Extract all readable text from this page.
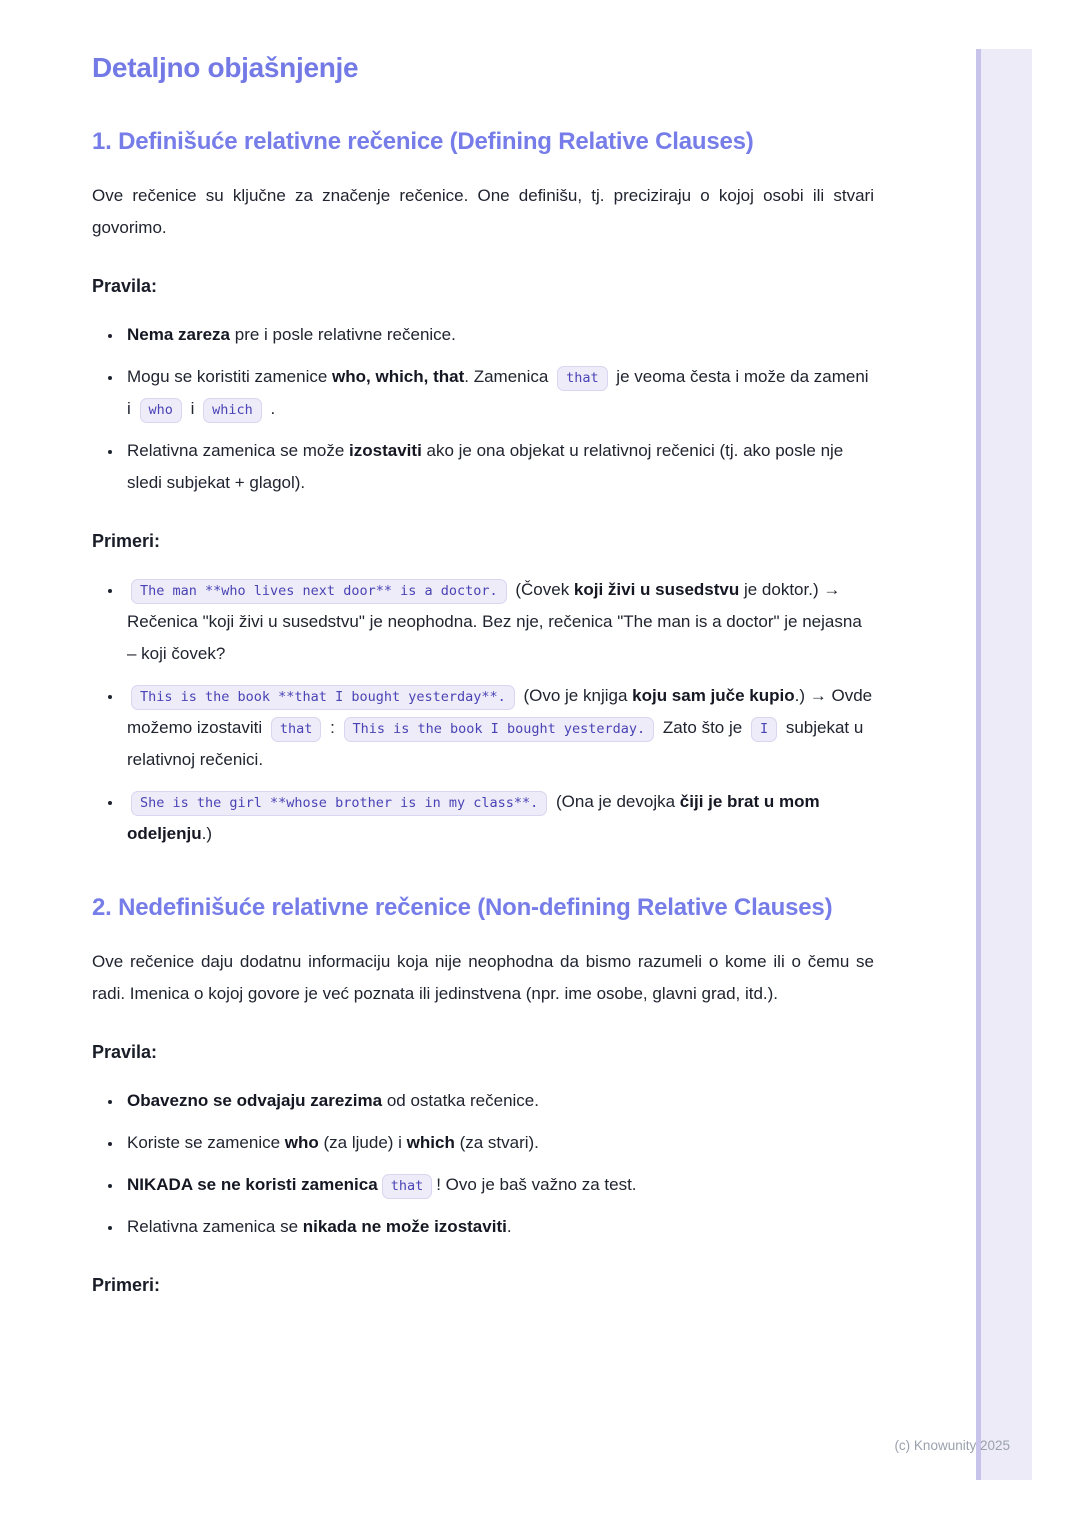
Detaljno objašnjenje
1. Definišuće relativne rečenice (Defining Relative Clauses)

Ove rečenice su ključne za značenje rečenice. One definišu, tj. preciziraju o kojoj osobi ili stvari govorimo.

Pravila:

• Nema zareza pre i posle relativne rečenice.
• Mogu se koristiti zamenice who, which, that. Zamenica that je veoma česta i može da zameni i who i which .
• Relativna zamenica se može izostaviti ako je ona objekat u relativnoj rečenici (tj. ako posle nje sledi subjekat + glagol).

Primeri:

• The man **who lives next door** is a doctor. (Čovek koji živi u susedstvu je doktor.) → Rečenica "koji živi u susedstvu" je neophodna. Bez nje, rečenica "The man is a doctor" je nejasna – koji čovek?
• This is the book **that I bought yesterday**. (Ovo je knjiga koju sam juče kupio.) → Ovde možemo izostaviti that : This is the book I bought yesterday. Zato što je I subjekat u relativnoj rečenici.
• She is the girl **whose brother is in my class**. (Ona je devojka čiji je brat u mom odeljenju.)
2. Nedefinišuće relativne rečenice (Non-defining Relative Clauses)

Ove rečenice daju dodatnu informaciju koja nije neophodna da bismo razumeli o kome ili o čemu se radi. Imenica o kojoj govore je već poznata ili jedinstvena (npr. ime osobe, glavni grad, itd.).

Pravila:

• Obavezno se odvajaju zarezima od ostatka rečenice.
• Koriste se zamenice who (za ljude) i which (za stvari).
• NIKADA se ne koristi zamenica that ! Ovo je baš važno za test.
• Relativna zamenica se nikada ne može izostaviti.

Primeri:

(c) Knowunity 2025
